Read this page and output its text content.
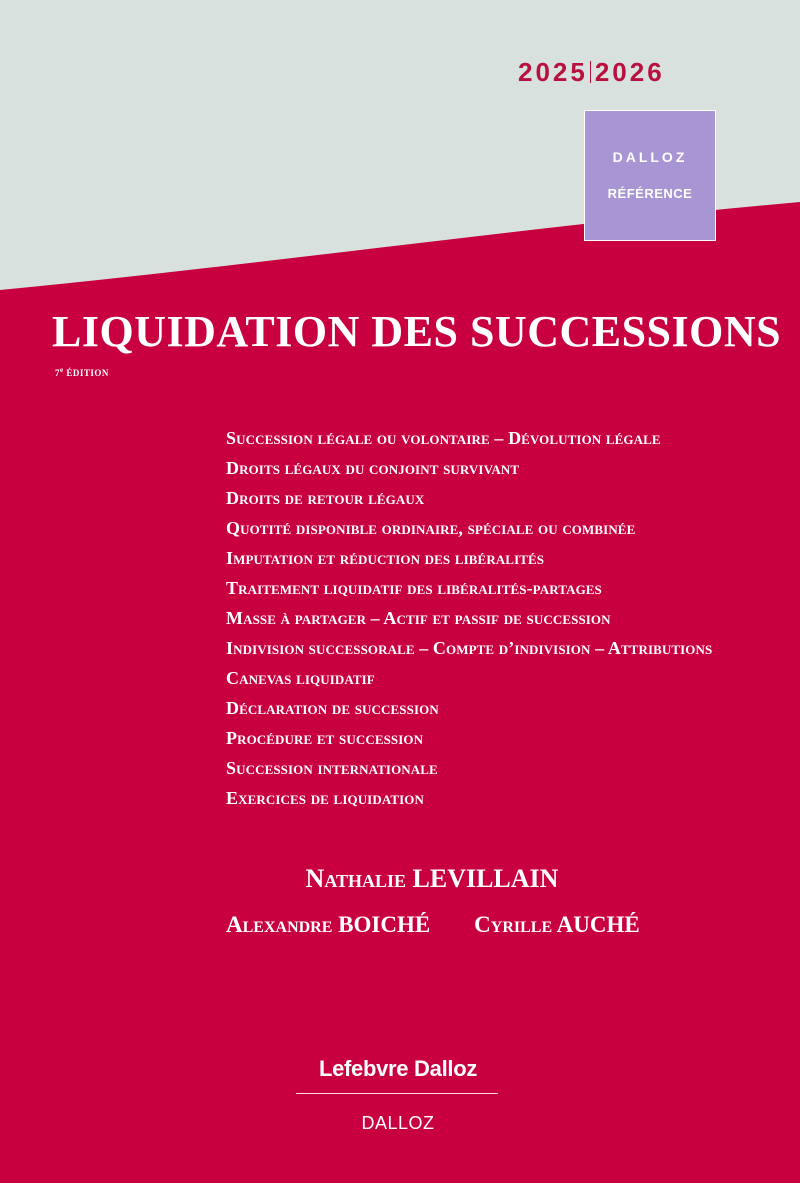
2025 2026
DALLOZ
RÉFÉRENCE
LIQUIDATION DES SUCCESSIONS
7e ÉDITION
Succession légale ou volontaire – Dévolution légale
Droits légaux du conjoint survivant
Droits de retour légaux
Quotité disponible ordinaire, spéciale ou combinée
Imputation et réduction des libéralités
Traitement liquidatif des libéralités-partages
Masse à partager – Actif et passif de succession
Indivision successorale – Compte d’indivision – Attributions
Canevas liquidatif
Déclaration de succession
Procédure et succession
Succession internationale
Exercices de liquidation
Nathalie LEVILLAIN
Alexandre BOICHÉ Cyrille AUCHÉ
Lefebvre Dalloz
DALLOZ
